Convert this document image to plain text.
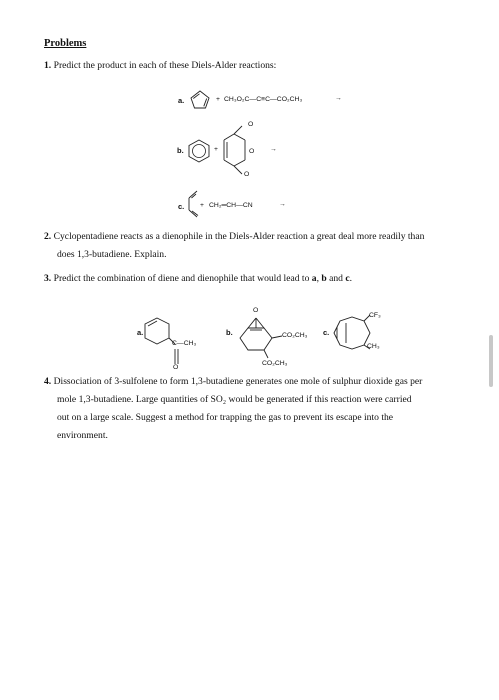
Problems
1. Predict the product in each of these Diels-Alder reactions:
a.	+ CH₃O₂C—C≡C—CO₂CH₃	→
b.	+
O
O
O
→
c. + CH₂═CH—CN	→
2. Cyclopentadiene reacts as a dienophile in the Diels-Alder reaction a great deal more readily than
does 1,3-butadiene. Explain.
3. Predict the combination of diene and dienophile that would lead to a, b and c.
a.
C—CH₃
O
b.
O
CO₂CH₃
CO₂CH₃
c.
CF₃
CH₃
4. Dissociation of 3-sulfolene to form 1,3-butadiene generates one mole of sulphur dioxide gas per
mole 1,3-butadiene. Large quantities of SO₂ would be generated if this reaction were carried
out on a large scale. Suggest a method for trapping the gas to prevent its escape into the
environment.
